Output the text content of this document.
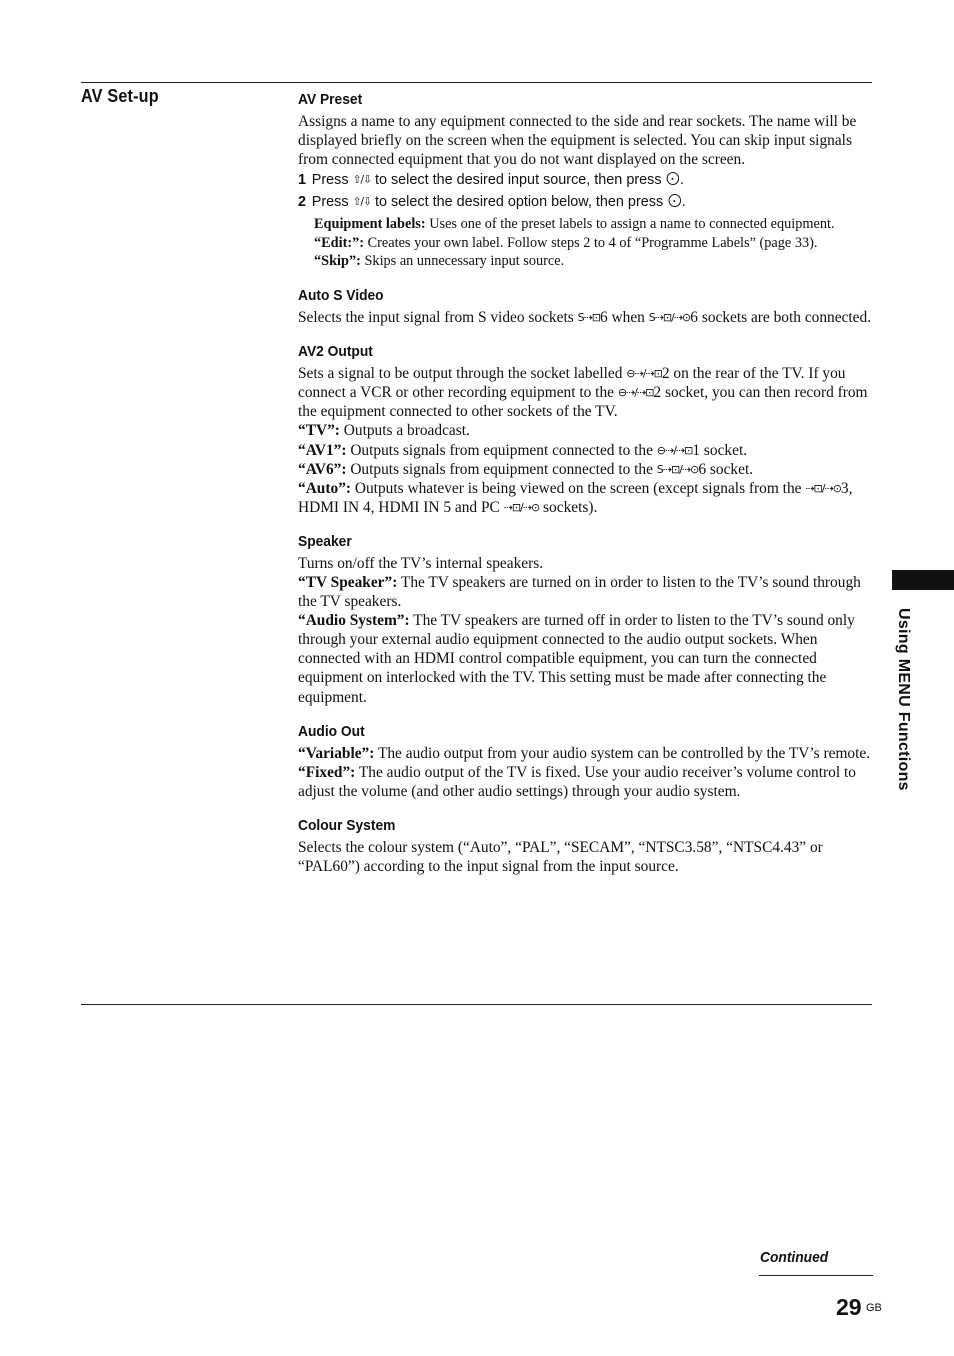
AV Set-up	AV Preset

Assigns a name to any equipment connected to the side and rear sockets. The name will be displayed briefly on the screen when the equipment is selected. You can skip input signals from connected equipment that you do not want displayed on the screen.

1 Press ⇧/⇩ to select the desired input source, then press .
2 Press ⇧/⇩ to select the desired option below, then press .
Equipment labels: Uses one of the preset labels to assign a name to connected equipment.
“Edit:”: Creates your own label. Follow steps 2 to 4 of “Programme Labels” (page 33).
“Skip”: Skips an unnecessary input source.
Auto S Video

Selects the input signal from S video sockets S⇢⊡6 when S⇢⊡/⇢⊙6 sockets are both connected.

AV2 Output

Sets a signal to be output through the socket labelled ⊖⇢/⇢⊡2 on the rear of the TV. If you connect a VCR or other recording equipment to the ⊖⇢/⇢⊡2 socket, you can then record from the equipment connected to other sockets of the TV.
“TV”: Outputs a broadcast.
“AV1”: Outputs signals from equipment connected to the ⊖⇢/⇢⊡1 socket.
“AV6”: Outputs signals from equipment connected to the S⇢⊡/⇢⊙6 socket.
“Auto”: Outputs whatever is being viewed on the screen (except signals from the ⇢⊡/⇢⊙3, HDMI IN 4, HDMI IN 5 and PC ⇢⊡/⇢⊙ sockets).

Speaker

Turns on/off the TV’s internal speakers.
“TV Speaker”: The TV speakers are turned on in order to listen to the TV’s sound through the TV speakers.
“Audio System”: The TV speakers are turned off in order to listen to the TV’s sound only through your external audio equipment connected to the audio output sockets. When connected with an HDMI control compatible equipment, you can turn the connected equipment on interlocked with the TV. This setting must be made after connecting the equipment.

Audio Out

“Variable”: The audio output from your audio system can be controlled by the TV’s remote.
“Fixed”: The audio output of the TV is fixed. Use your audio receiver’s volume control to adjust the volume (and other audio settings) through your audio system.

Colour System

Selects the colour system (“Auto”, “PAL”, “SECAM”, “NTSC3.58”, “NTSC4.43” or “PAL60”) according to the input signal from the input source.

Using MENU Functions
Continued
29 GB
